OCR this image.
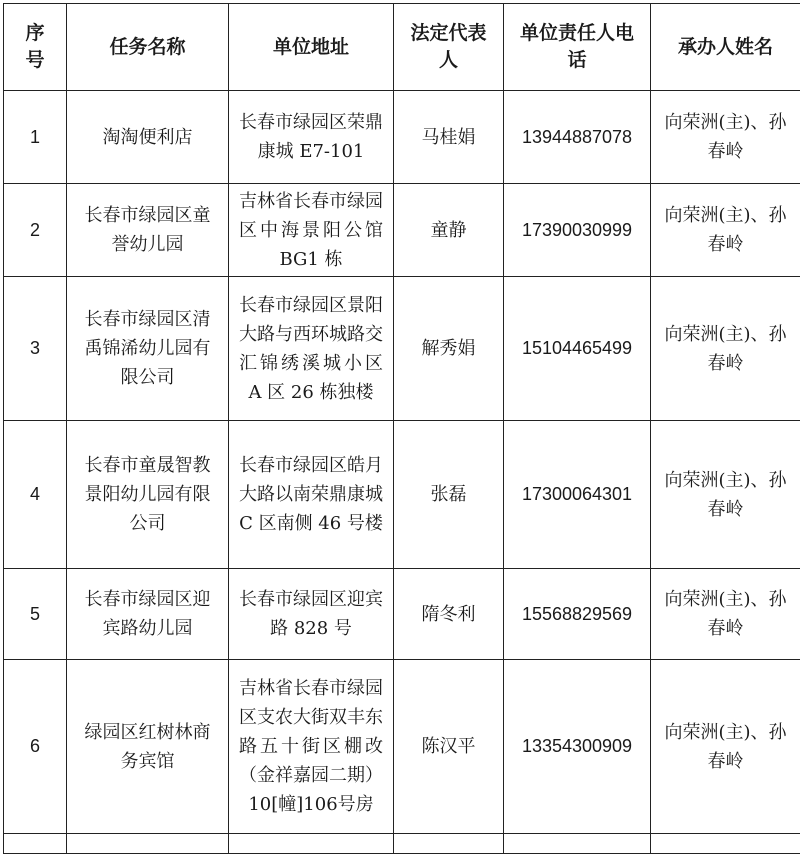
序号	任务名称	单位地址	法定代表人	单位责任人电话	承办人姓名
1	淘淘便利店	长春市绿园区荣鼎康城 E7-101	马桂娟	13944887078	向荣洲(主)、孙春岭
2	长春市绿园区童誉幼儿园	吉林省长春市绿园区中海景阳公馆 BG1 栋	童静	17390030999	向荣洲(主)、孙春岭
3	长春市绿园区清禹锦浠幼儿园有限公司	长春市绿园区景阳大路与西环城路交汇锦绣溪城小区 A 区 26 栋独楼	解秀娟	15104465499	向荣洲(主)、孙春岭
4	长春市童晟智教景阳幼儿园有限公司	长春市绿园区皓月大路以南荣鼎康城 C 区南侧 46 号楼	张磊	17300064301	向荣洲(主)、孙春岭
5	长春市绿园区迎宾路幼儿园	长春市绿园区迎宾路 828 号	隋冬利	15568829569	向荣洲(主)、孙春岭
6	绿园区红树林商务宾馆	吉林省长春市绿园区支农大街双丰东路五十街区棚改（金祥嘉园二期）10[幢]106号房	陈汉平	13354300909	向荣洲(主)、孙春岭
